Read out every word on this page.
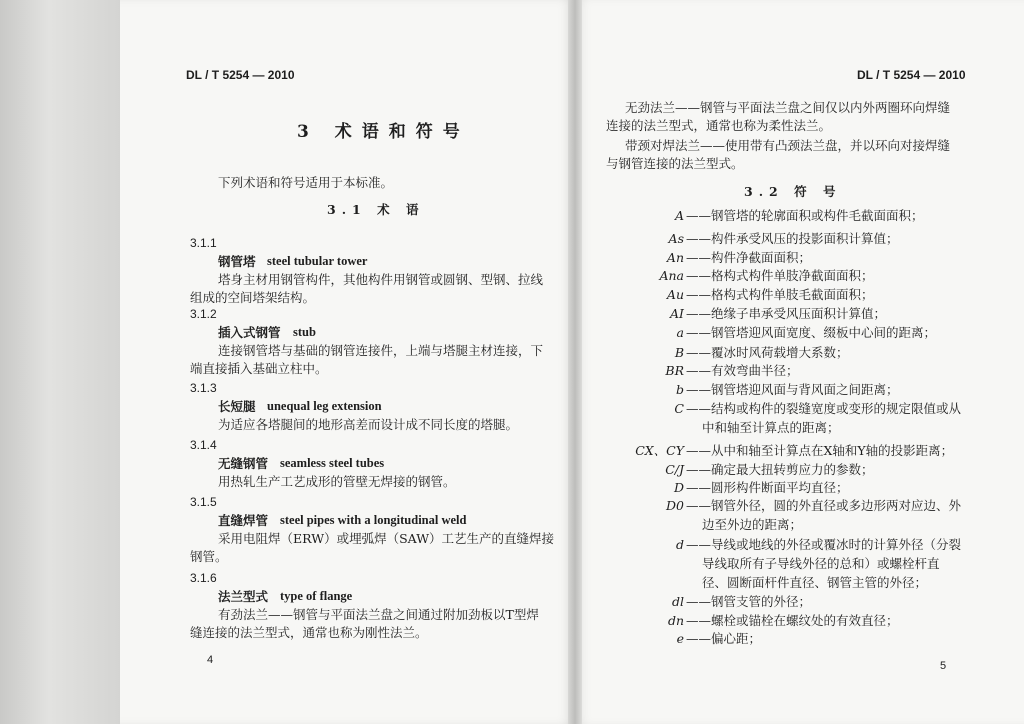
DL / T 5254 — 2010
3 术语和符号
下列术语和符号适用于本标准。
3.1 术 语
4
DL / T 5254 — 2010
无劲法兰——钢管与平面法兰盘之间仅以内外两圈环向焊缝
连接的法兰型式，通常也称为柔性法兰。
带颈对焊法兰——使用带有凸颈法兰盘，并以环向对接焊缝
与钢管连接的法兰型式。
3.2 符 号
5
3.1.1
钢管塔 steel tubular tower
塔身主材用钢管构件，其他构件用钢管或圆钢、型钢、拉线
组成的空间塔架结构。
3.1.2
插入式钢管 stub
连接钢管塔与基础的钢管连接件，上端与塔腿主材连接，下
端直接插入基础立柱中。
3.1.3
长短腿 unequal leg extension
为适应各塔腿间的地形高差而设计成不同长度的塔腿。
3.1.4
无缝钢管 seamless steel tubes
用热轧生产工艺成形的管壁无焊接的钢管。
3.1.5
直缝焊管 steel pipes with a longitudinal weld
采用电阻焊（ERW）或埋弧焊（SAW）工艺生产的直缝焊接
钢管。
3.1.6
法兰型式 type of flange
有劲法兰——钢管与平面法兰盘之间通过附加劲板以T型焊
缝连接的法兰型式，通常也称为刚性法兰。
A ——钢管塔的轮廓面积或构件毛截面面积；
As ——构件承受风压的投影面积计算值；
An ——构件净截面面积；
Ana ——格构式构件单肢净截面面积；
Au ——格构式构件单肢毛截面面积；
AI ——绝缘子串承受风压面积计算值；
a ——钢管塔迎风面宽度、缀板中心间的距离；
B ——覆冰时风荷载增大系数；
BR ——有效弯曲半径；
b ——钢管塔迎风面与背风面之间距离；
C ——结构或构件的裂缝宽度或变形的规定限值或从
中和轴至计算点的距离；
CX、CY ——从中和轴至计算点在X轴和Y轴的投影距离；
C/J ——确定最大扭转剪应力的参数；
D ——圆形构件断面平均直径；
D0 ——钢管外径，圆的外直径或多边形两对应边、外
边至外边的距离；
d ——导线或地线的外径或覆冰时的计算外径（分裂
导线取所有子导线外径的总和）或螺栓杆直
径、圆断面杆件直径、钢管主管的外径；
dl ——钢管支管的外径；
dn ——螺栓或锚栓在螺纹处的有效直径；
e ——偏心距；
